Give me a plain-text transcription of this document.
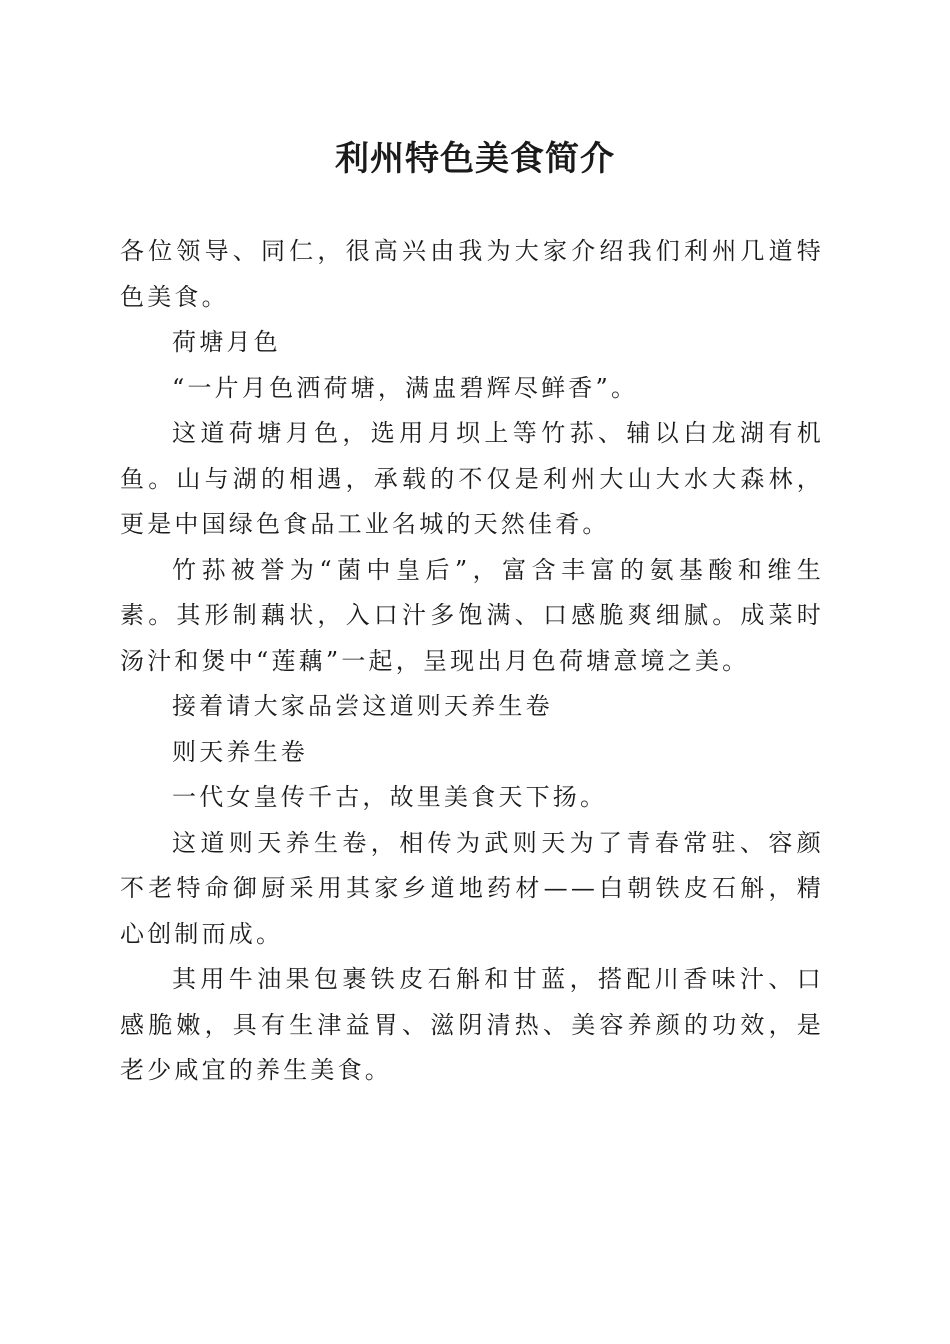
利州特色美食简介

各位领导、同仁，很高兴由我为大家介绍我们利州几道特色美食。

荷塘月色

“一片月色洒荷塘，满盅碧辉尽鲜香”。

这道荷塘月色，选用月坝上等竹荪、辅以白龙湖有机鱼。山与湖的相遇，承载的不仅是利州大山大水大森林，更是中国绿色食品工业名城的天然佳肴。

竹荪被誉为“菌中皇后”，富含丰富的氨基酸和维生素。其形制藕状，入口汁多饱满、口感脆爽细腻。成菜时汤汁和煲中“莲藕”一起，呈现出月色荷塘意境之美。

接着请大家品尝这道则天养生卷

则天养生卷

一代女皇传千古，故里美食天下扬。

这道则天养生卷，相传为武则天为了青春常驻、容颜不老特命御厨采用其家乡道地药材——白朝铁皮石斛，精心创制而成。

其用牛油果包裹铁皮石斛和甘蓝，搭配川香味汁、口感脆嫩，具有生津益胃、滋阴清热、美容养颜的功效，是老少咸宜的养生美食。
